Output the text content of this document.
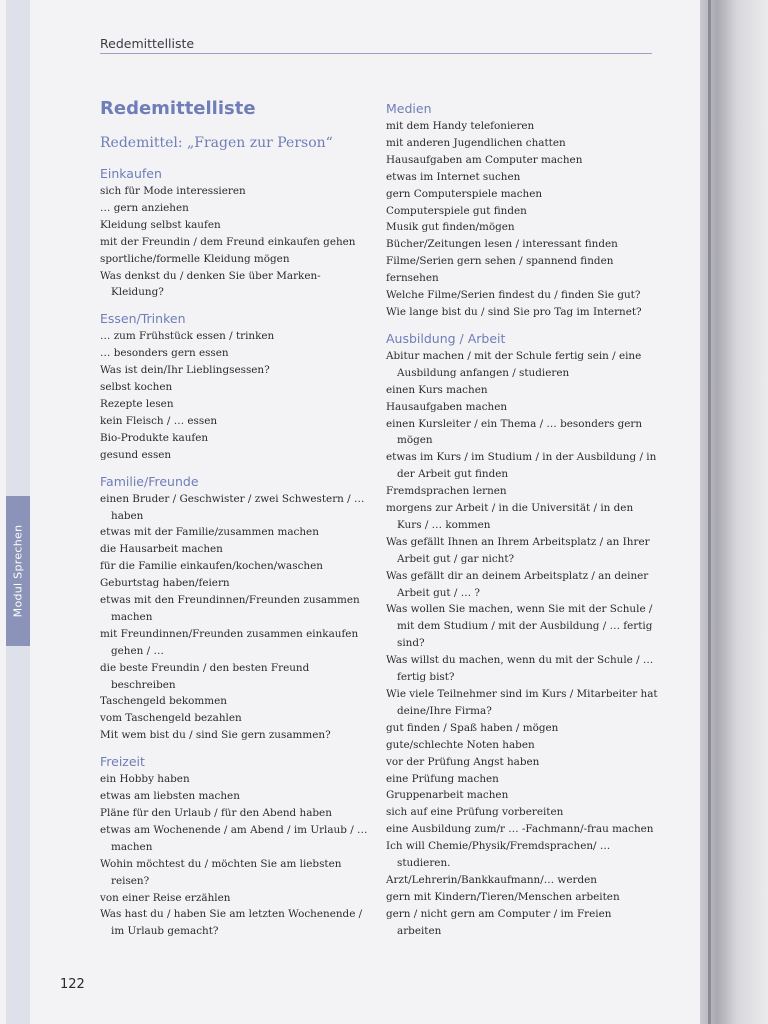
Modul Sprechen
Redemittelliste
Redemittelliste
Redemittel: „Fragen zur Person“
Einkaufen
sich für Mode interessieren
… gern anziehen
Kleidung selbst kaufen
mit der Freundin / dem Freund einkaufen gehen
sportliche/formelle Kleidung mögen
Was denkst du / denken Sie über Marken-Kleidung?
Essen/Trinken
… zum Frühstück essen / trinken
… besonders gern essen
Was ist dein/Ihr Lieblingsessen?
selbst kochen
Rezepte lesen
kein Fleisch / … essen
Bio-Produkte kaufen
gesund essen
Familie/Freunde
einen Bruder / Geschwister / zwei Schwestern / … haben
etwas mit der Familie/zusammen machen
die Hausarbeit machen
für die Familie einkaufen/kochen/waschen
Geburtstag haben/feiern
etwas mit den Freundinnen/Freunden zusammen machen
mit Freundinnen/Freunden zusammen einkaufen gehen / …
die beste Freundin / den besten Freund beschreiben
Taschengeld bekommen
vom Taschengeld bezahlen
Mit wem bist du / sind Sie gern zusammen?
Freizeit
ein Hobby haben
etwas am liebsten machen
Pläne für den Urlaub / für den Abend haben
etwas am Wochenende / am Abend / im Urlaub / … machen
Wohin möchtest du / möchten Sie am liebsten reisen?
von einer Reise erzählen
Was hast du / haben Sie am letzten Wochenende / im Urlaub gemacht?
Medien
mit dem Handy telefonieren
mit anderen Jugendlichen chatten
Hausaufgaben am Computer machen
etwas im Internet suchen
gern Computerspiele machen
Computerspiele gut finden
Musik gut finden/mögen
Bücher/Zeitungen lesen / interessant finden
Filme/Serien gern sehen / spannend finden
fernsehen
Welche Filme/Serien findest du / finden Sie gut?
Wie lange bist du / sind Sie pro Tag im Internet?
Ausbildung / Arbeit
Abitur machen / mit der Schule fertig sein / eine Ausbildung anfangen / studieren
einen Kurs machen
Hausaufgaben machen
einen Kursleiter / ein Thema / … besonders gern mögen
etwas im Kurs / im Studium / in der Ausbildung / in der Arbeit gut finden
Fremdsprachen lernen
morgens zur Arbeit / in die Universität / in den Kurs / … kommen
Was gefällt Ihnen an Ihrem Arbeitsplatz / an Ihrer Arbeit gut / gar nicht?
Was gefällt dir an deinem Arbeitsplatz / an deiner Arbeit gut / … ?
Was wollen Sie machen, wenn Sie mit der Schule / mit dem Studium / mit der Ausbildung / … fertig sind?
Was willst du machen, wenn du mit der Schule / … fertig bist?
Wie viele Teilnehmer sind im Kurs / Mitarbeiter hat deine/Ihre Firma?
gut finden / Spaß haben / mögen
gute/schlechte Noten haben
vor der Prüfung Angst haben
eine Prüfung machen
Gruppenarbeit machen
sich auf eine Prüfung vorbereiten
eine Ausbildung zum/r … -Fachmann/-frau machen
Ich will Chemie/Physik/Fremdsprachen/ … studieren.
Arzt/Lehrerin/Bankkaufmann/… werden
gern mit Kindern/Tieren/Menschen arbeiten
gern / nicht gern am Computer / im Freien arbeiten
122
